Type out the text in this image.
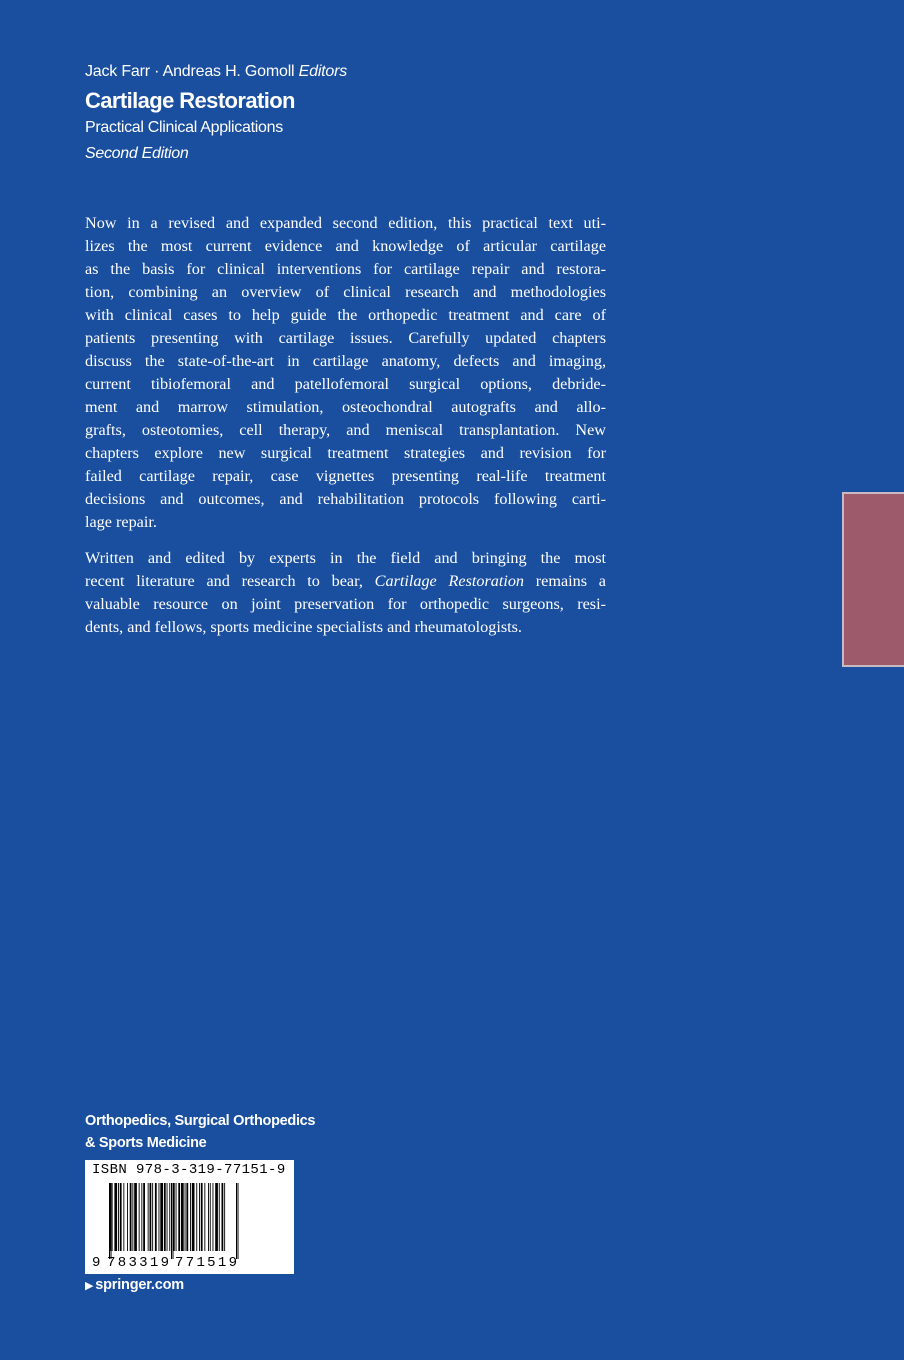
Jack Farr · Andreas H. Gomoll Editors
Cartilage Restoration
Practical Clinical Applications
Second Edition
Now in a revised and expanded second edition, this practical text uti-
lizes the most current evidence and knowledge of articular cartilage
as the basis for clinical interventions for cartilage repair and restora-
tion, combining an overview of clinical research and methodologies
with clinical cases to help guide the orthopedic treatment and care of
patients presenting with cartilage issues. Carefully updated chapters
discuss the state-of-the-art in cartilage anatomy, defects and imaging,
current tibiofemoral and patellofemoral surgical options, debride-
ment and marrow stimulation, osteochondral autografts and allo-
grafts, osteotomies, cell therapy, and meniscal transplantation. New
chapters explore new surgical treatment strategies and revision for
failed cartilage repair, case vignettes presenting real-life treatment
decisions and outcomes, and rehabilitation protocols following carti-
lage repair.
Written and edited by experts in the field and bringing the most
recent literature and research to bear, Cartilage Restoration remains a
valuable resource on joint preservation for orthopedic surgeons, resi-
dents, and fellows, sports medicine specialists and rheumatologists.
Orthopedics, Surgical Orthopedics
& Sports Medicine
ISBN 978-3-319-77151-9
9 783319 771519
▶ springer.com
